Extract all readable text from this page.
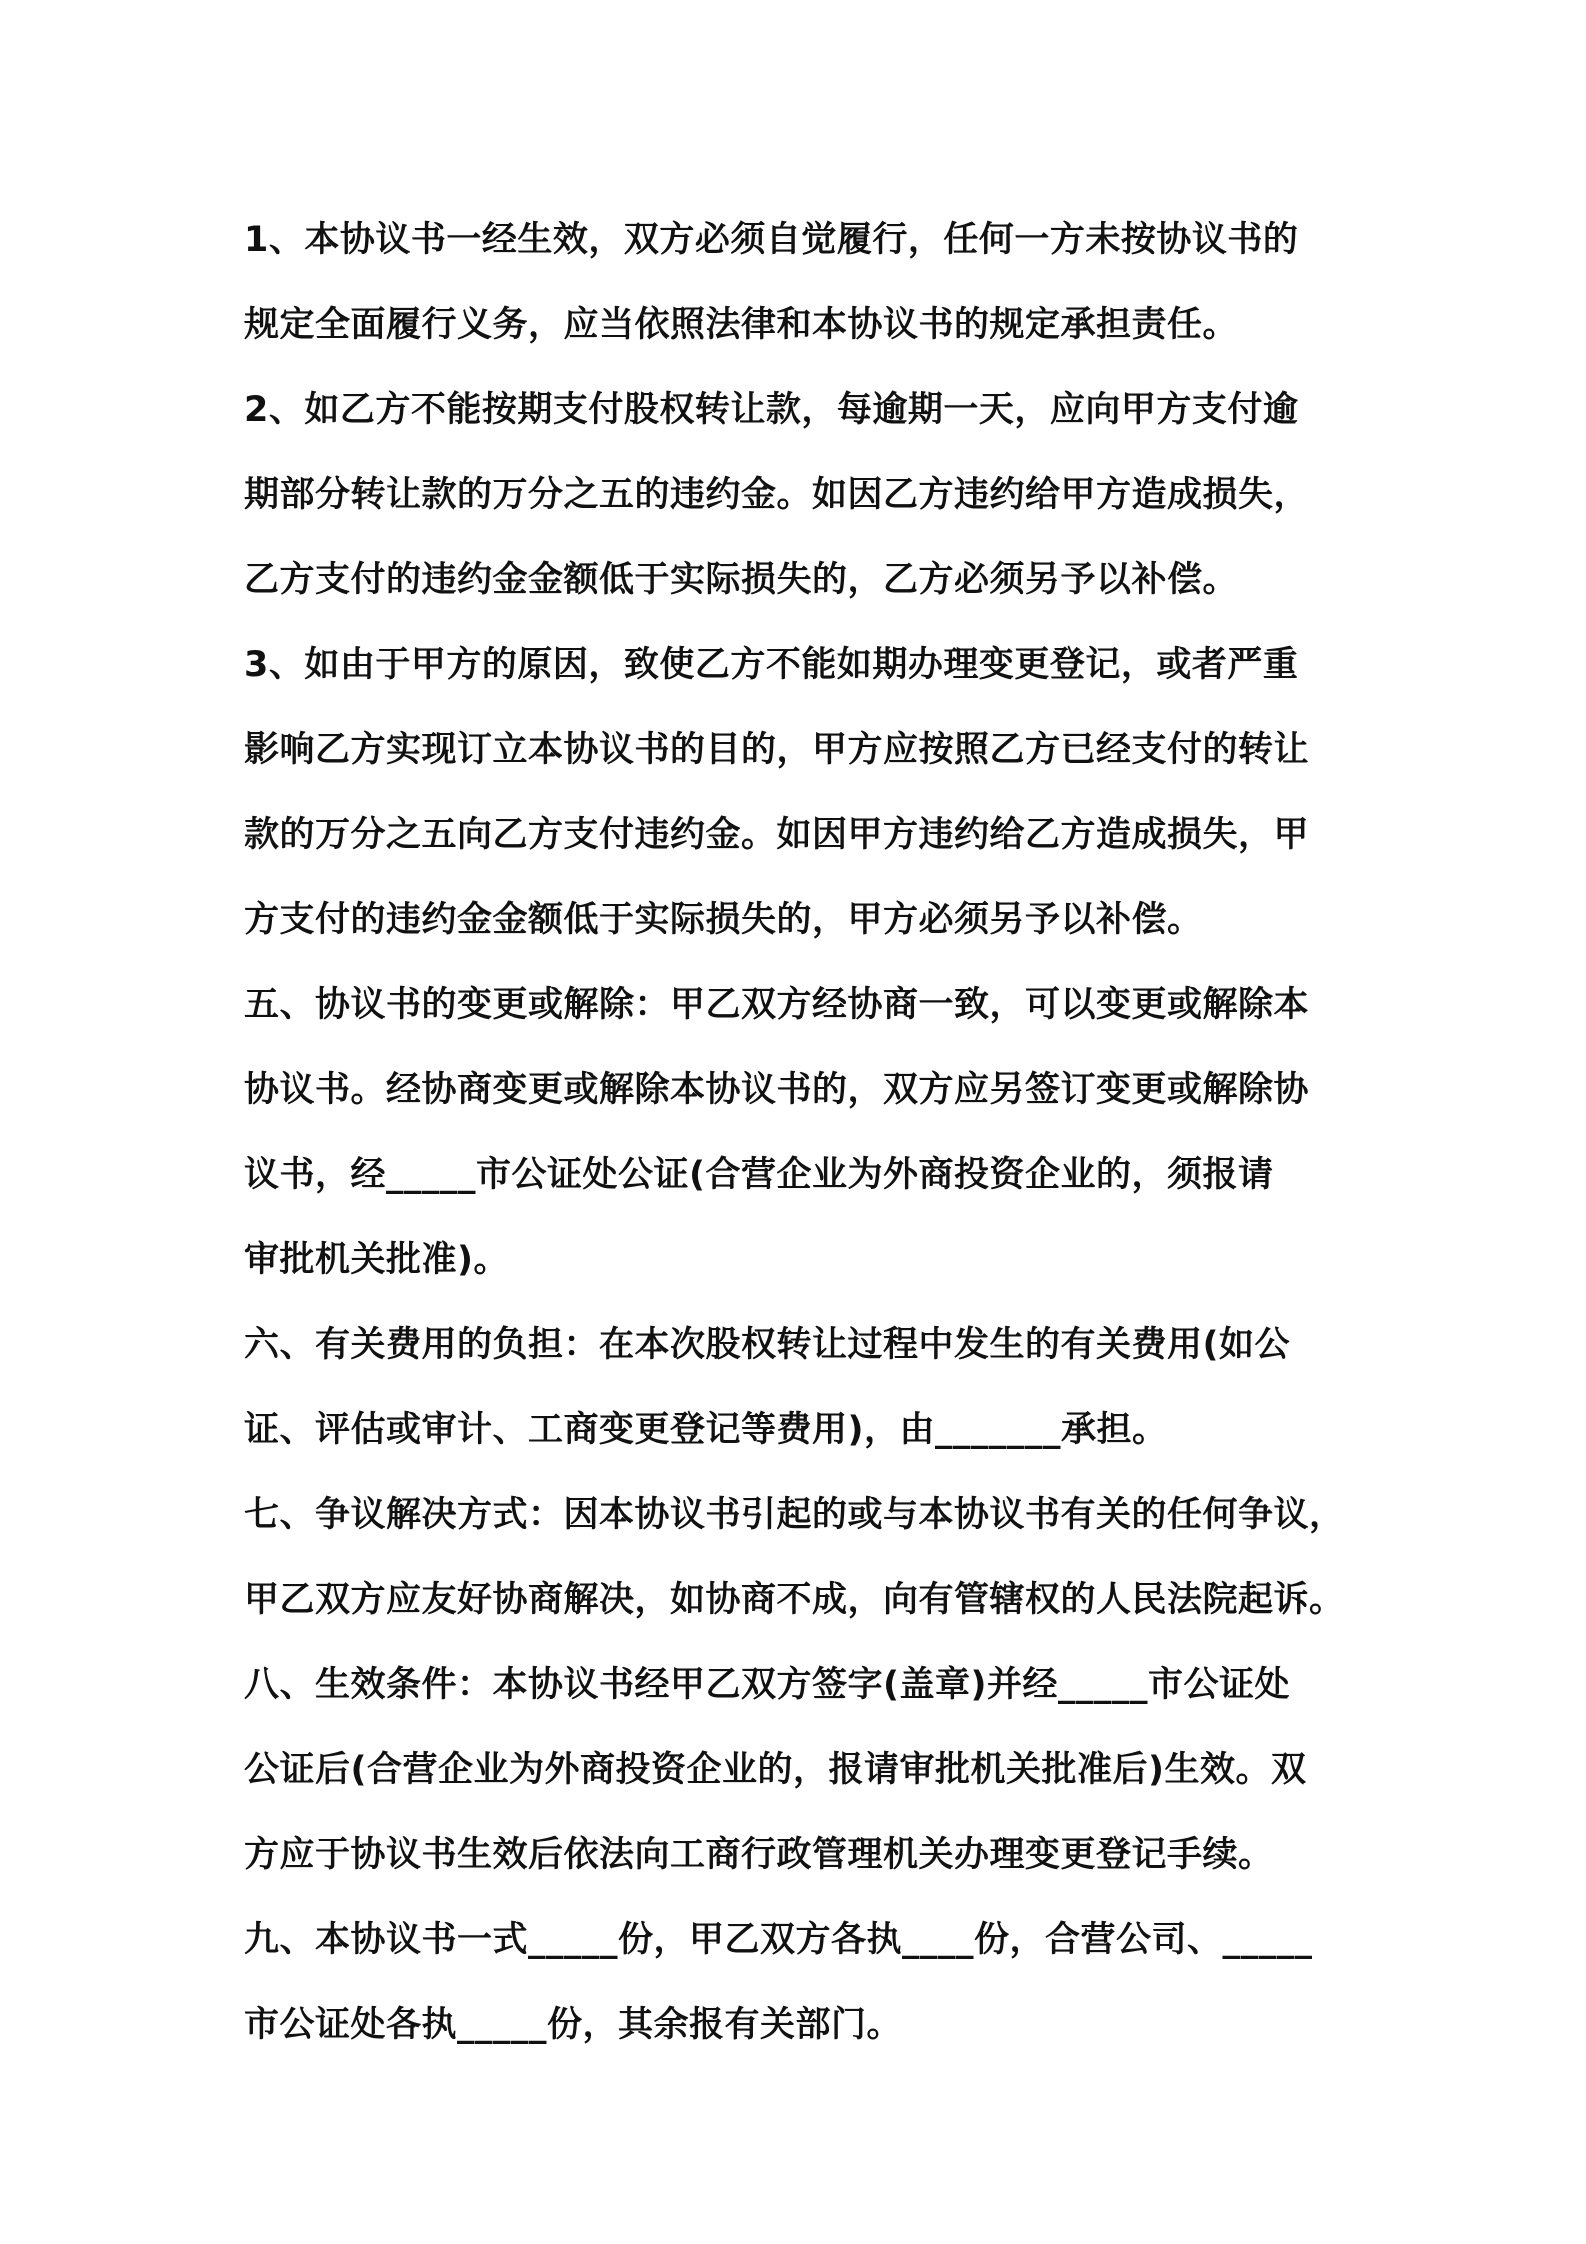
1、本协议书一经生效，双方必须自觉履行，任何一方未按协议书的
规定全面履行义务，应当依照法律和本协议书的规定承担责任。
2、如乙方不能按期支付股权转让款，每逾期一天，应向甲方支付逾
期部分转让款的万分之五的违约金。如因乙方违约给甲方造成损失，
乙方支付的违约金金额低于实际损失的，乙方必须另予以补偿。
3、如由于甲方的原因，致使乙方不能如期办理变更登记，或者严重
影响乙方实现订立本协议书的目的，甲方应按照乙方已经支付的转让
款的万分之五向乙方支付违约金。如因甲方违约给乙方造成损失，甲
方支付的违约金金额低于实际损失的，甲方必须另予以补偿。
五、协议书的变更或解除：甲乙双方经协商一致，可以变更或解除本
协议书。经协商变更或解除本协议书的，双方应另签订变更或解除协
议书，经_____市公证处公证(合营企业为外商投资企业的，须报请
审批机关批准)。
六、有关费用的负担：在本次股权转让过程中发生的有关费用(如公
证、评估或审计、工商变更登记等费用)，由_______承担。
七、争议解决方式：因本协议书引起的或与本协议书有关的任何争议，
甲乙双方应友好协商解决，如协商不成，向有管辖权的人民法院起诉。
八、生效条件：本协议书经甲乙双方签字(盖章)并经_____市公证处
公证后(合营企业为外商投资企业的，报请审批机关批准后)生效。双
方应于协议书生效后依法向工商行政管理机关办理变更登记手续。
九、本协议书一式_____份，甲乙双方各执____份，合营公司、_____
市公证处各执_____份，其余报有关部门。
